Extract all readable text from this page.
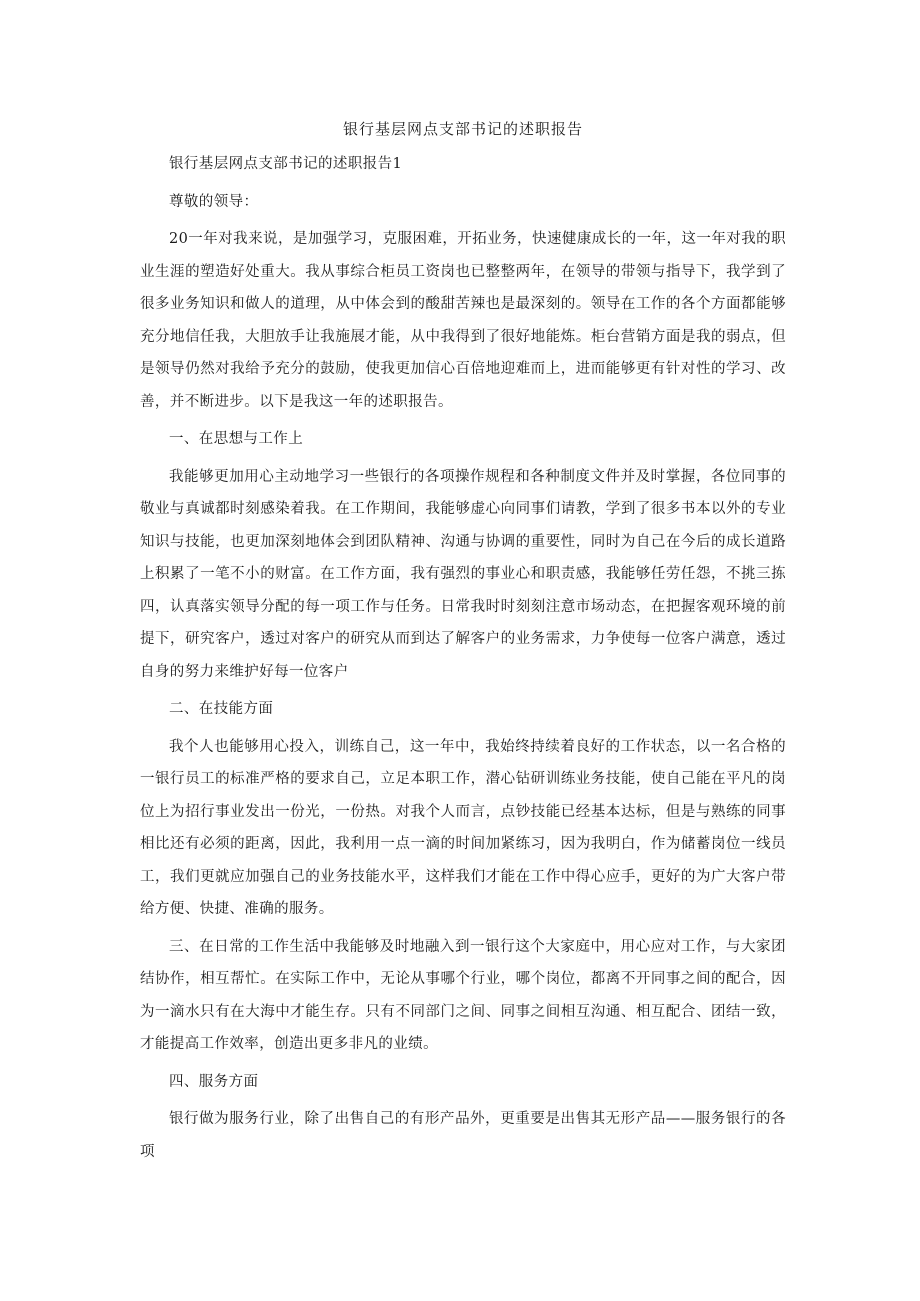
银行基层网点支部书记的述职报告

银行基层网点支部书记的述职报告1

尊敬的领导：

20一年对我来说，是加强学习，克服困难，开拓业务，快速健康成长的一年，这一年对我的职业生涯的塑造好处重大。我从事综合柜员工资岗也已整整两年，在领导的带领与指导下，我学到了很多业务知识和做人的道理，从中体会到的酸甜苦辣也是最深刻的。领导在工作的各个方面都能够充分地信任我，大胆放手让我施展才能，从中我得到了很好地能炼。柜台营销方面是我的弱点，但是领导仍然对我给予充分的鼓励，使我更加信心百倍地迎难而上，进而能够更有针对性的学习、改善，并不断进步。以下是我这一年的述职报告。

一、在思想与工作上

我能够更加用心主动地学习一些银行的各项操作规程和各种制度文件并及时掌握，各位同事的敬业与真诚都时刻感染着我。在工作期间，我能够虚心向同事们请教，学到了很多书本以外的专业知识与技能，也更加深刻地体会到团队精神、沟通与协调的重要性，同时为自己在今后的成长道路上积累了一笔不小的财富。在工作方面，我有强烈的事业心和职责感，我能够任劳任怨，不挑三拣四，认真落实领导分配的每一项工作与任务。日常我时时刻刻注意市场动态，在把握客观环境的前提下，研究客户，透过对客户的研究从而到达了解客户的业务需求，力争使每一位客户满意，透过自身的努力来维护好每一位客户

二、在技能方面

我个人也能够用心投入，训练自己，这一年中，我始终持续着良好的工作状态，以一名合格的一银行员工的标准严格的要求自己，立足本职工作，潜心钻研训练业务技能，使自己能在平凡的岗位上为招行事业发出一份光，一份热。对我个人而言，点钞技能已经基本达标，但是与熟练的同事相比还有必须的距离，因此，我利用一点一滴的时间加紧练习，因为我明白，作为储蓄岗位一线员工，我们更就应加强自己的业务技能水平，这样我们才能在工作中得心应手，更好的为广大客户带给方便、快捷、准确的服务。

三、在日常的工作生活中我能够及时地融入到一银行这个大家庭中，用心应对工作，与大家团结协作，相互帮忙。在实际工作中，无论从事哪个行业，哪个岗位，都离不开同事之间的配合，因为一滴水只有在大海中才能生存。只有不同部门之间、同事之间相互沟通、相互配合、团结一致，才能提高工作效率，创造出更多非凡的业绩。

四、服务方面

银行做为服务行业，除了出售自己的有形产品外，更重要是出售其无形产品——服务银行的各项
